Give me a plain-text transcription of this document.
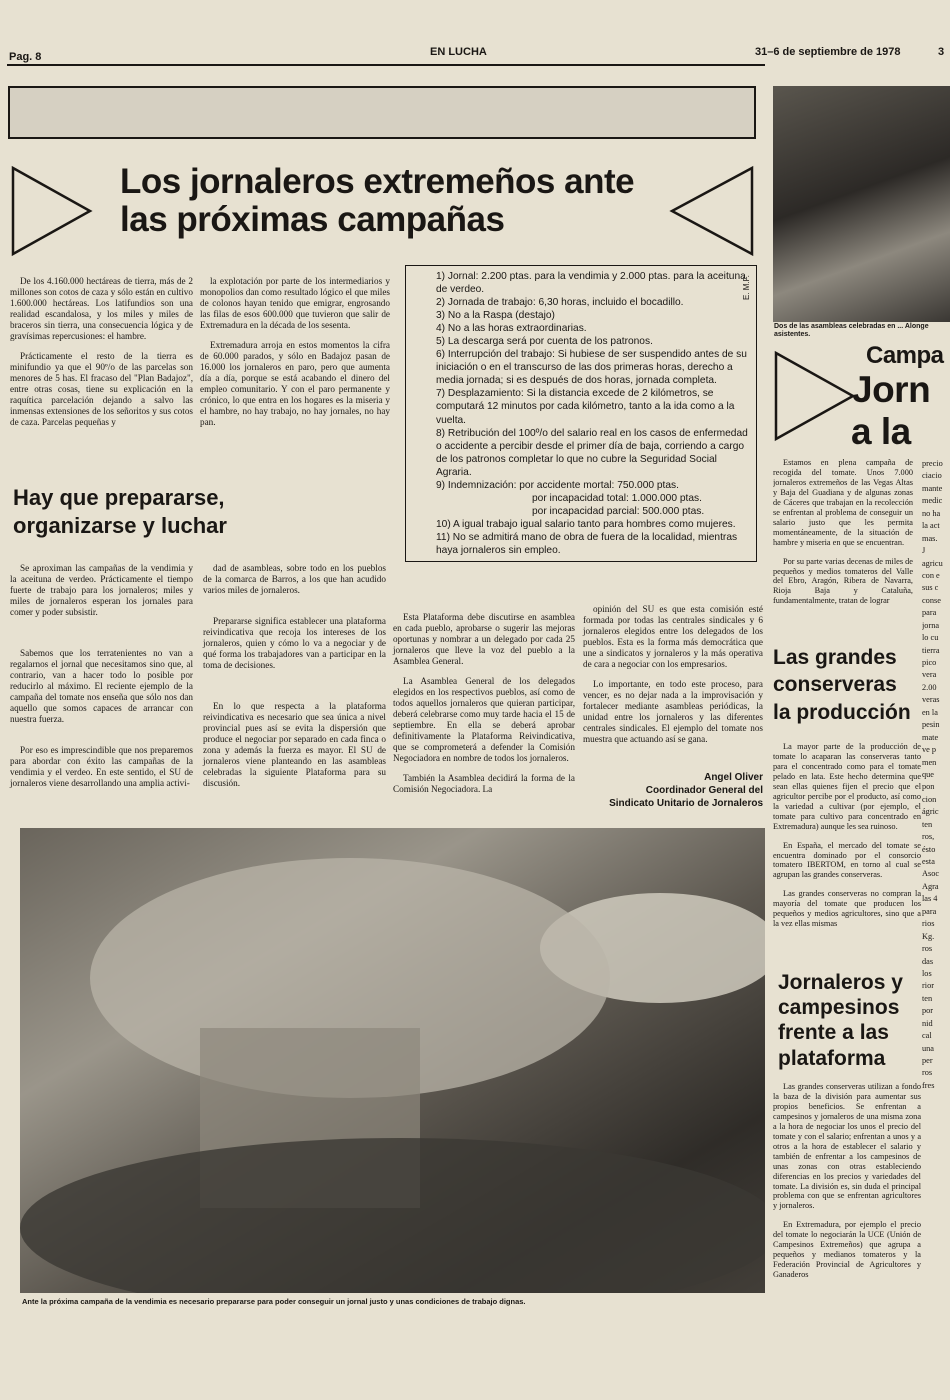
Pag. 8	EN LUCHA	31–6 de septiembre de 1978	3
Los jornaleros extremeños ante
las próximas campañas

De los 4.160.000 hectáreas de tierra, más de 2 millones son cotos de caza y sólo están en cultivo 1.600.000 hectáreas. Los latifundios son una realidad escandalosa, y los miles y miles de braceros sin tierra, una consecuencia lógica y de gravísimas repercusiones: el hambre.

Prácticamente el resto de la tierra es minifundio ya que el 90º/o de las parcelas son menores de 5 has. El fracaso del "Plan Badajoz", entre otras cosas, tiene su explicación en la raquítica parcelación dejando a salvo las inmensas extensiones de los señoritos y sus cotos de caza. Parcelas pequeñas y

la explotación por parte de los intermediarios y monopolios dan como resultado lógico el que miles de colonos hayan tenido que emigrar, engrosando las filas de esos 600.000 que tuvieron que salir de Extremadura en la década de los sesenta.

Extremadura arroja en estos momentos la cifra de 60.000 parados, y sólo en Badajoz pasan de 16.000 los jornaleros en paro, pero que aumenta día a día, porque se está acabando el dinero del empleo comunitario. Y con el paro permanente y crónico, lo que entra en los hogares es la miseria y el hambre, no hay trabajo, no hay jornales, no hay pan.

1) Jornal: 2.200 ptas. para la vendimia y 2.000 ptas. para la aceituna de verdeo.
2) Jornada de trabajo: 6,30 horas, incluido el bocadillo.
3) No a la Raspa (destajo)
4) No a las horas extraordinarias.
5) La descarga será por cuenta de los patronos.
6) Interrupción del trabajo: Si hubiese de ser suspendido antes de su iniciación o en el transcurso de las dos primeras horas, derecho a media jornada; si es después de dos horas, jornada completa.
7) Desplazamiento: Si la distancia excede de 2 kilómetros, se computará 12 minutos por cada kilómetro, tanto a la ida como a la vuelta.
8) Retribución del 100º/o del salario real en los casos de enfermedad o accidente a percibir desde el primer día de baja, corriendo a cargo de los patronos completar lo que no cubre la Seguridad Social Agraria.
9) Indemnización: por accidente mortal: 750.000 ptas.
por incapacidad total: 1.000.000 ptas.
por incapacidad parcial: 500.000 ptas.
10) A igual trabajo igual salario tanto para hombres como mujeres.
11) No se admitirá mano de obra de fuera de la localidad, mientras haya jornaleros sin empleo.
E. M.F.
Hay que prepararse,
organizarse y luchar

Se aproximan las campañas de la vendimia y la aceituna de verdeo. Prácticamente el tiempo fuerte de trabajo para los jornaleros; miles y miles de jornaleros esperan los jornales para comer y poder subsistir.

Sabemos que los terratenientes no van a regalarnos el jornal que necesitamos sino que, al contrario, van a hacer todo lo posible por reducirlo al máximo. El reciente ejemplo de la campaña del tomate nos enseña que sólo nos dan aquello que somos capaces de arrancar con nuestra fuerza.

Por eso es imprescindible que nos preparemos para abordar con éxito las campañas de la vendimia y el verdeo. En este sentido, el SU de jornaleros viene desarrollando una amplia activi-

dad de asambleas, sobre todo en los pueblos de la comarca de Barros, a los que han acudido varios miles de jornaleros.

Prepararse significa establecer una plataforma reivindicativa que recoja los intereses de los jornaleros, quien y cómo lo va a negociar y de qué forma los trabajadores van a participar en la toma de decisiones.

En lo que respecta a la plataforma reivindicativa es necesario que sea única a nivel provincial pues así se evita la dispersión que produce el negociar por separado en cada finca o zona y además la fuerza es mayor. El SU de jornaleros viene planteando en las asambleas celebradas la siguiente Plataforma para su discusión.

Esta Plataforma debe discutirse en asamblea en cada pueblo, aprobarse o sugerir las mejoras oportunas y nombrar a un delegado por cada 25 jornaleros que lleve la voz del pueblo a la Asamblea General.

La Asamblea General de los delegados elegidos en los respectivos pueblos, así como de todos aquellos jornaleros que quieran participar, deberá celebrarse como muy tarde hacia el 15 de septiembre. En ella se deberá aprobar definitivamente la Plataforma Reivindicativa, que se comprometerá a defender la Comisión Negociadora en nombre de todos los jornaleros.

También la Asamblea decidirá la forma de la Comisión Negociadora. La

opinión del SU es que esta comisión esté formada por todas las centrales sindicales y 6 jornaleros elegidos entre los delegados de los pueblos. Esta es la forma más democrática que une a sindicatos y jornaleros y la más operativa de cara a negociar con los empresarios.

Lo importante, en todo este proceso, para vencer, es no dejar nada a la improvisación y fortalecer mediante asambleas periódicas, la unidad entre los jornaleros y las diferentes centrales sindicales. El ejemplo del tomate nos muestra que actuando así se gana.

Angel Oliver
Coordinador General del
Sindicato Unitario de Jornaleros
Ante la próxima campaña de la vendimia es necesario prepararse para poder conseguir un jornal justo y unas condiciones de trabajo dignas.
Dos de las asambleas celebradas en ... Alonge asistentes.
Campa
Jorn
a la

Estamos en plena campaña de recogida del tomate. Unos 7.000 jornaleros extremeños de las Vegas Altas y Baja del Guadiana y de algunas zonas de Cáceres que trabajan en la recolección se enfrentan al problema de conseguir un salario justo que les permita momentáneamente, de la situación de hambre y miseria en que se encuentran.

Por su parte varias decenas de miles de pequeños y medios tomateros del Valle del Ebro, Aragón, Ribera de Navarra, Rioja Baja y Cataluña, fundamentalmente, tratan de lograr

Las grandes
conserveras
la producción

La mayor parte de la producción de tomate lo acaparan las conserveras tanto para el concentrado como para el tomate pelado en lata. Este hecho determina que sean ellas quienes fijen el precio que el agricultor percibe por el producto, así como la variedad a cultivar (por ejemplo, el tomate para cultivo para concentrado en Extremadura) aunque les sea ruinoso.

En España, el mercado del tomate se encuentra dominado por el consorcio tomatero IBERTOM, en torno al cual se agrupan las grandes conserveras.

Las grandes conserveras no compran la mayoría del tomate que producen los pequeños y medios agricultores, sino que a la vez ellas mismas

Jornaleros y
campesinos
frente a las
plataforma

Las grandes conserveras utilizan a fondo la baza de la división para aumentar sus propios beneficios. Se enfrentan a campesinos y jornaleros de una misma zona a la hora de negociar los unos el precio del tomate y con el salario; enfrentan a unos y a otros a la hora de establecer el salario y también de enfrentar a los campesinos de unas zonas con otras estableciendo diferencias en los precios y variedades del tomate. La división es, sin duda el principal problema con que se enfrentan agricultores y jornaleros.

En Extremadura, por ejemplo el precio del tomate lo negociarán la UCE (Unión de Campesinos Extremeños) que agrupa a pequeños y medianos tomateros y la Federación Provincial de Agricultores y Ganaderos

precio
ciacio
mante
medic
no ha
la act
mas.
J
agricu
con e
sus c
conse
para
jorna
lo cu
tierra
pico
vera
2.00
veras
en la
pesin
mate
ve p
men
que
pon
cion
ágric
ten
ros,
ésto
esta
Asoc
Agra
las 4
para
rios
Kg.
ros
das
los
rior
ten
por
nid
cal
una
per
ros
fres
